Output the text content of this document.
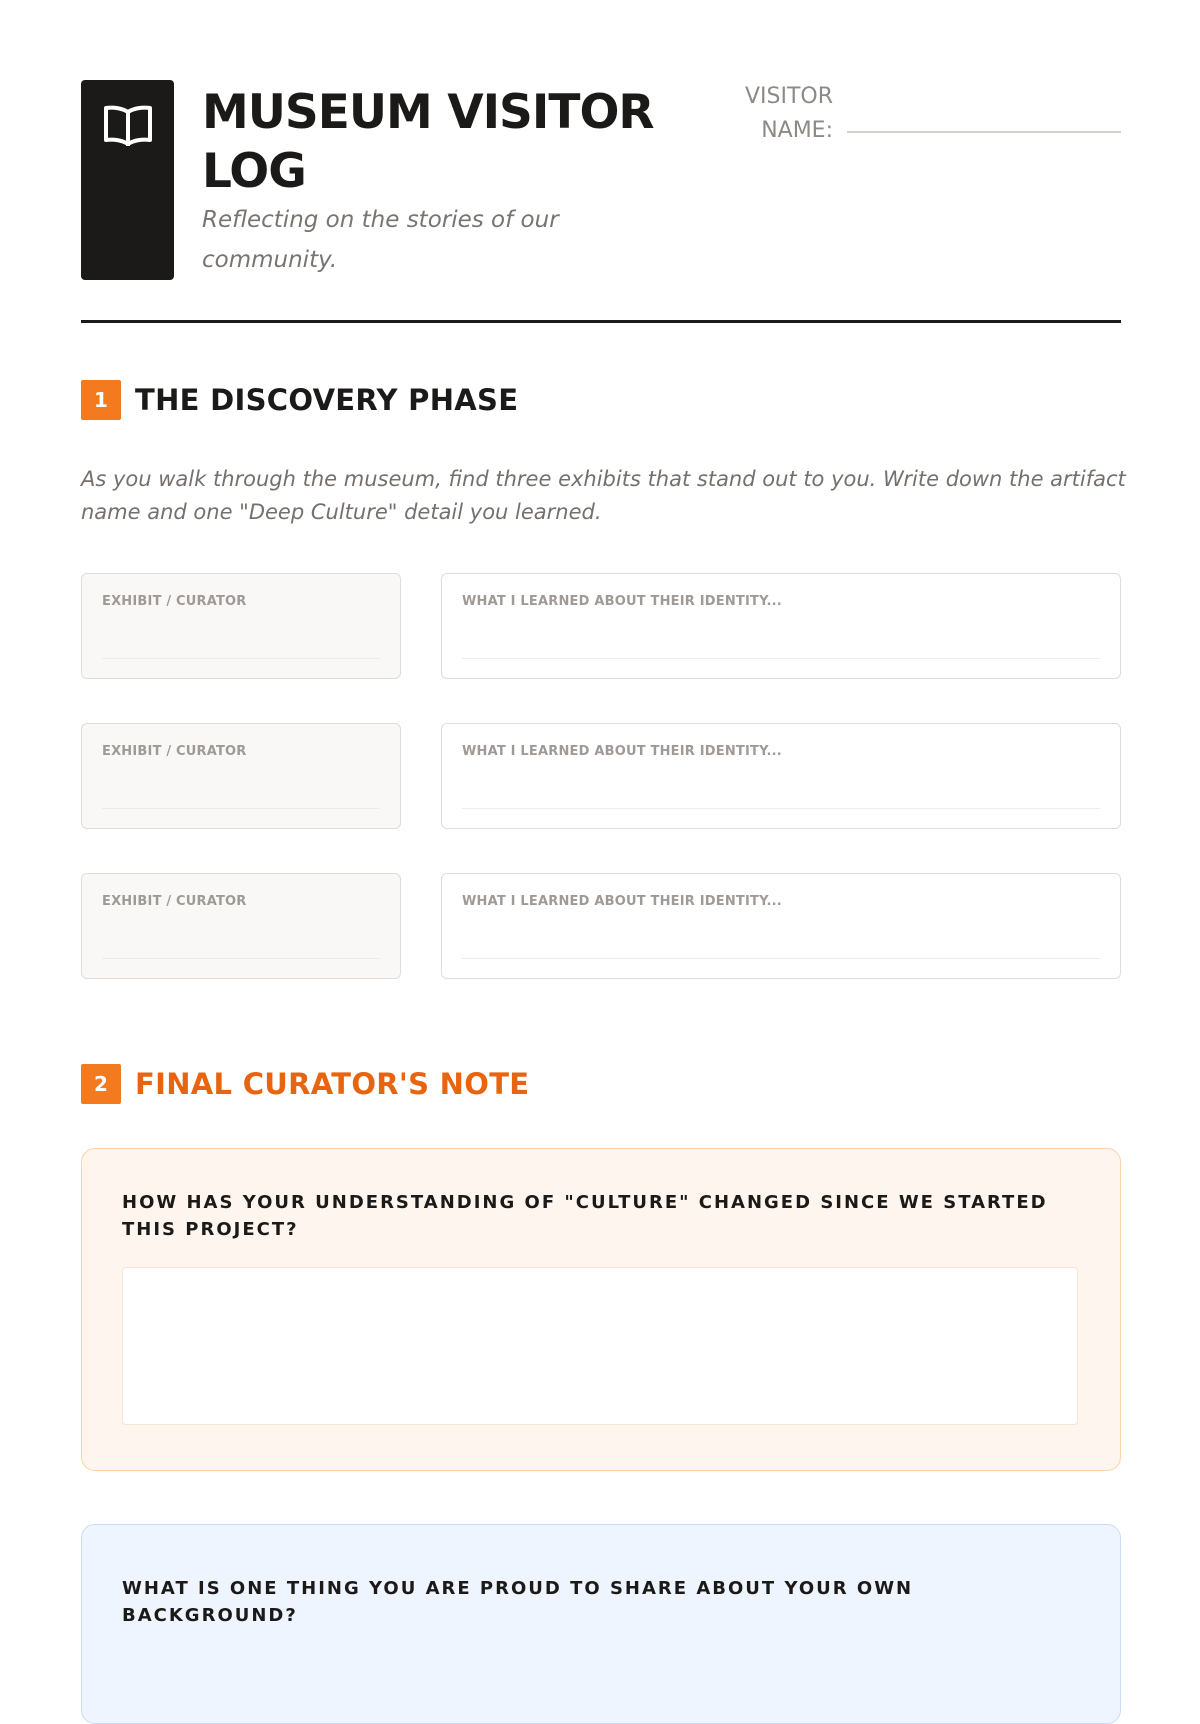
MUSEUM VISITOR LOG
Reflecting on the stories of our community.
VISITOR NAME:
1 THE DISCOVERY PHASE
As you walk through the museum, find three exhibits that stand out to you. Write down the artifact name and one "Deep Culture" detail you learned.
EXHIBIT / CURATOR	WHAT I LEARNED ABOUT THEIR IDENTITY...
EXHIBIT / CURATOR	WHAT I LEARNED ABOUT THEIR IDENTITY...
EXHIBIT / CURATOR	WHAT I LEARNED ABOUT THEIR IDENTITY...
2 FINAL CURATOR'S NOTE
HOW HAS YOUR UNDERSTANDING OF "CULTURE" CHANGED SINCE WE STARTED THIS PROJECT?
WHAT IS ONE THING YOU ARE PROUD TO SHARE ABOUT YOUR OWN BACKGROUND?
